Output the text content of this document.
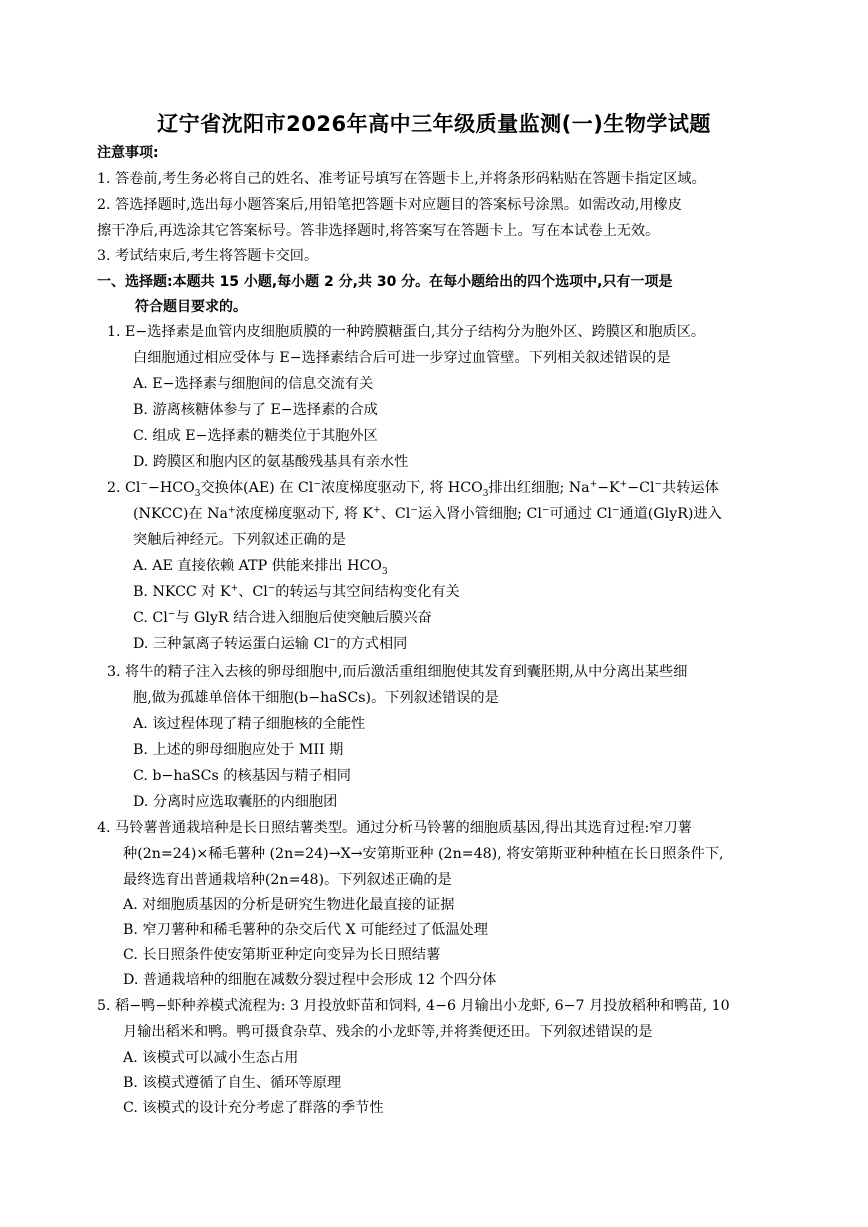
辽宁省沈阳市2026年高中三年级质量监测(一)生物学试题
注意事项:
1. 答卷前,考生务必将自己的姓名、准考证号填写在答题卡上,并将条形码粘贴在答题卡指定区域。
2. 答选择题时,选出每小题答案后,用铅笔把答题卡对应题目的答案标号涂黑。如需改动,用橡皮
擦干净后,再选涂其它答案标号。答非选择题时,将答案写在答题卡上。写在本试卷上无效。
3. 考试结束后,考生将答题卡交回。
一、选择题:本题共 15 小题,每小题 2 分,共 30 分。在每小题给出的四个选项中,只有一项是
符合题目要求的。
1. E−选择素是血管内皮细胞质膜的一种跨膜糖蛋白,其分子结构分为胞外区、跨膜区和胞质区。
白细胞通过相应受体与 E−选择素结合后可进一步穿过血管壁。下列相关叙述错误的是
A. E−选择素与细胞间的信息交流有关
B. 游离核糖体参与了 E−选择素的合成
C. 组成 E−选择素的糖类位于其胞外区
D. 跨膜区和胞内区的氨基酸残基具有亲水性
2. $Cl^--HCO_3$交换体(AE) 在 Cl−浓度梯度驱动下, 将 $HCO_3$排出红细胞; Na+−K+−Cl−共转运体
(NKCC)在 Na+浓度梯度驱动下, 将 K+、Cl−运入肾小管细胞; Cl−可通过 Cl−通道(GlyR)进入
突触后神经元。下列叙述正确的是
A. AE 直接依赖 ATP 供能来排出 $HCO_3$
B. NKCC 对 K+、Cl−的转运与其空间结构变化有关
C. Cl−与 GlyR 结合进入细胞后使突触后膜兴奋
D. 三种氯离子转运蛋白运输 Cl−的方式相同
3. 将牛的精子注入去核的卵母细胞中,而后激活重组细胞使其发育到囊胚期,从中分离出某些细
胞,做为孤雄单倍体干细胞(b−haSCs)。下列叙述错误的是
A. 该过程体现了精子细胞核的全能性
B. 上述的卵母细胞应处于 MII 期
C. b−haSCs 的核基因与精子相同
D. 分离时应选取囊胚的内细胞团
4. 马铃薯普通栽培种是长日照结薯类型。通过分析马铃薯的细胞质基因,得出其选育过程:窄刀薯
种(2n=24)×稀毛薯种 (2n=24)→X→安第斯亚种 (2n=48), 将安第斯亚种种植在长日照条件下,
最终选育出普通栽培种(2n=48)。下列叙述正确的是
A. 对细胞质基因的分析是研究生物进化最直接的证据
B. 窄刀薯种和稀毛薯种的杂交后代 X 可能经过了低温处理
C. 长日照条件使安第斯亚种定向变异为长日照结薯
D. 普通栽培种的细胞在减数分裂过程中会形成 12 个四分体
5. 稻−鸭−虾种养模式流程为: 3 月投放虾苗和饲料, 4−6 月输出小龙虾, 6−7 月投放稻种和鸭苗, 10
月输出稻米和鸭。鸭可摄食杂草、残余的小龙虾等,并将粪便还田。下列叙述错误的是
A. 该模式可以减小生态占用
B. 该模式遵循了自生、循环等原理
C. 该模式的设计充分考虑了群落的季节性
